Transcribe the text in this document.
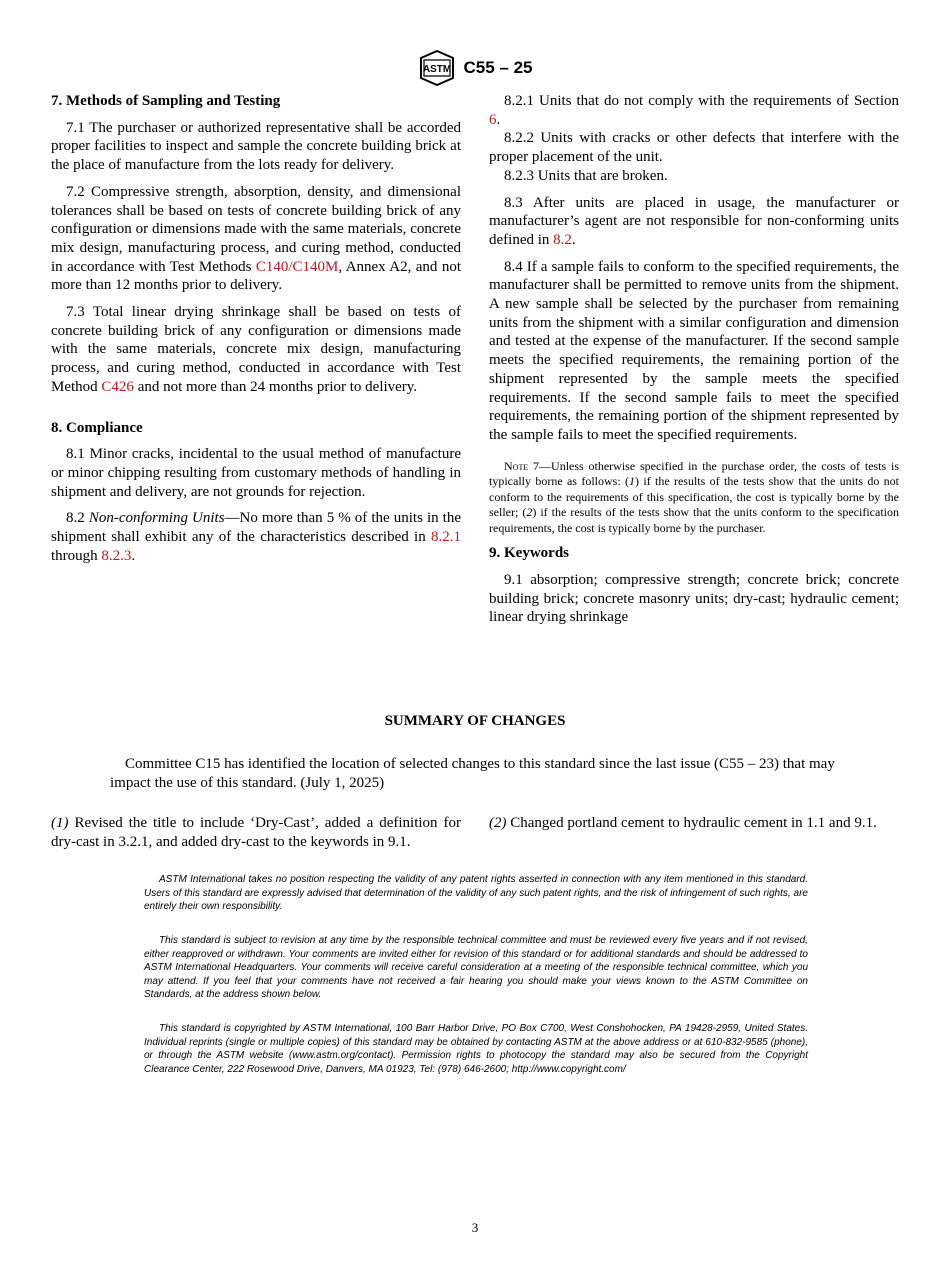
ASTM C55 – 25
7. Methods of Sampling and Testing

7.1 The purchaser or authorized representative shall be accorded proper facilities to inspect and sample the concrete building brick at the place of manufacture from the lots ready for delivery.

7.2 Compressive strength, absorption, density, and dimensional tolerances shall be based on tests of concrete building brick of any configuration or dimensions made with the same materials, concrete mix design, manufacturing process, and curing method, conducted in accordance with Test Methods C140/C140M, Annex A2, and not more than 12 months prior to delivery.

7.3 Total linear drying shrinkage shall be based on tests of concrete building brick of any configuration or dimensions made with the same materials, concrete mix design, manufacturing process, and curing method, conducted in accordance with Test Method C426 and not more than 24 months prior to delivery.

8. Compliance

8.1 Minor cracks, incidental to the usual method of manufacture or minor chipping resulting from customary methods of handling in shipment and delivery, are not grounds for rejection.

8.2 Non-conforming Units—No more than 5 % of the units in the shipment shall exhibit any of the characteristics described in 8.2.1 through 8.2.3.

8.2.1 Units that do not comply with the requirements of Section 6.

8.2.2 Units with cracks or other defects that interfere with the proper placement of the unit.

8.2.3 Units that are broken.

8.3 After units are placed in usage, the manufacturer or manufacturer’s agent are not responsible for non-conforming units defined in 8.2.

8.4 If a sample fails to conform to the specified requirements, the manufacturer shall be permitted to remove units from the shipment. A new sample shall be selected by the purchaser from remaining units from the shipment with a similar configuration and dimension and tested at the expense of the manufacturer. If the second sample meets the specified requirements, the remaining portion of the shipment represented by the sample meets the specified requirements. If the second sample fails to meet the specified requirements, the remaining portion of the shipment represented by the sample fails to meet the specified requirements.

Note 7—Unless otherwise specified in the purchase order, the costs of tests is typically borne as follows: (1) if the results of the tests show that the units do not conform to the requirements of this specification, the cost is typically borne by the seller; (2) if the results of the tests show that the units conform to the specification requirements, the cost is typically borne by the purchaser.

9. Keywords

9.1 absorption; compressive strength; concrete brick; concrete building brick; concrete masonry units; dry-cast; hydraulic cement; linear drying shrinkage

SUMMARY OF CHANGES

Committee C15 has identified the location of selected changes to this standard since the last issue (C55 – 23) that may impact the use of this standard. (July 1, 2025)

(1) Revised the title to include ‘Dry-Cast’, added a definition for dry-cast in 3.2.1, and added dry-cast to the keywords in 9.1.

(2) Changed portland cement to hydraulic cement in 1.1 and 9.1.

ASTM International takes no position respecting the validity of any patent rights asserted in connection with any item mentioned in this standard. Users of this standard are expressly advised that determination of the validity of any such patent rights, and the risk of infringement of such rights, are entirely their own responsibility.

This standard is subject to revision at any time by the responsible technical committee and must be reviewed every five years and if not revised, either reapproved or withdrawn. Your comments are invited either for revision of this standard or for additional standards and should be addressed to ASTM International Headquarters. Your comments will receive careful consideration at a meeting of the responsible technical committee, which you may attend. If you feel that your comments have not received a fair hearing you should make your views known to the ASTM Committee on Standards, at the address shown below.

This standard is copyrighted by ASTM International, 100 Barr Harbor Drive, PO Box C700, West Conshohocken, PA 19428-2959, United States. Individual reprints (single or multiple copies) of this standard may be obtained by contacting ASTM at the above address or at 610-832-9585 (phone), or through the ASTM website (www.astm.org/contact). Permission rights to photocopy the standard may also be secured from the Copyright Clearance Center, 222 Rosewood Drive, Danvers, MA 01923, Tel: (978) 646-2600; http://www.copyright.com/

3
